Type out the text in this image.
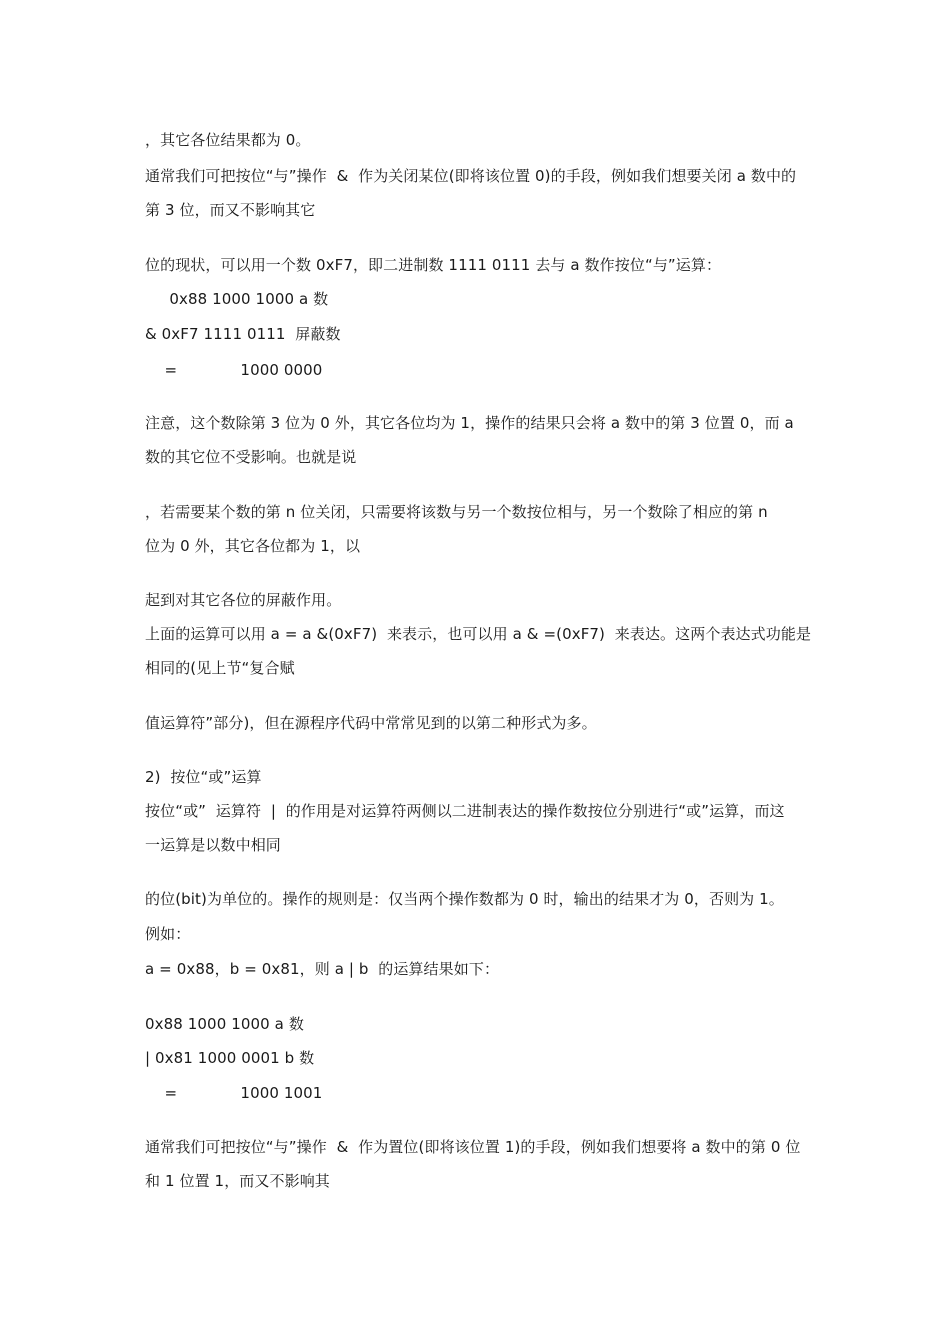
，其它各位结果都为 0。
通常我们可把按位“与”操作  &  作为关闭某位(即将该位置 0)的手段，例如我们想要关闭 a 数中的
第 3 位，而又不影响其它
位的现状，可以用一个数 0xF7，即二进制数 1111 0111 去与 a 数作按位“与”运算：
0x88 1000 1000 a 数
& 0xF7 1111 0111  屏蔽数
=             1000 0000
注意，这个数除第 3 位为 0 外，其它各位均为 1，操作的结果只会将 a 数中的第 3 位置 0，而 a
数的其它位不受影响。也就是说
，若需要某个数的第 n 位关闭，只需要将该数与另一个数按位相与，另一个数除了相应的第 n
位为 0 外，其它各位都为 1，以
起到对其它各位的屏蔽作用。
上面的运算可以用 a = a &(0xF7)  来表示，也可以用 a & =(0xF7)  来表达。这两个表达式功能是
相同的(见上节“复合赋
值运算符”部分)，但在源程序代码中常常见到的以第二种形式为多。
2)  按位“或”运算
按位“或”  运算符  |  的作用是对运算符两侧以二进制表达的操作数按位分别进行“或”运算，而这
一运算是以数中相同
的位(bit)为单位的。操作的规则是：仅当两个操作数都为 0 时，输出的结果才为 0，否则为 1。
例如：
a = 0x88，b = 0x81，则 a | b  的运算结果如下：
0x88 1000 1000 a 数
| 0x81 1000 0001 b 数
=             1000 1001
通常我们可把按位“与”操作  &  作为置位(即将该位置 1)的手段，例如我们想要将 a 数中的第 0 位
和 1 位置 1，而又不影响其
